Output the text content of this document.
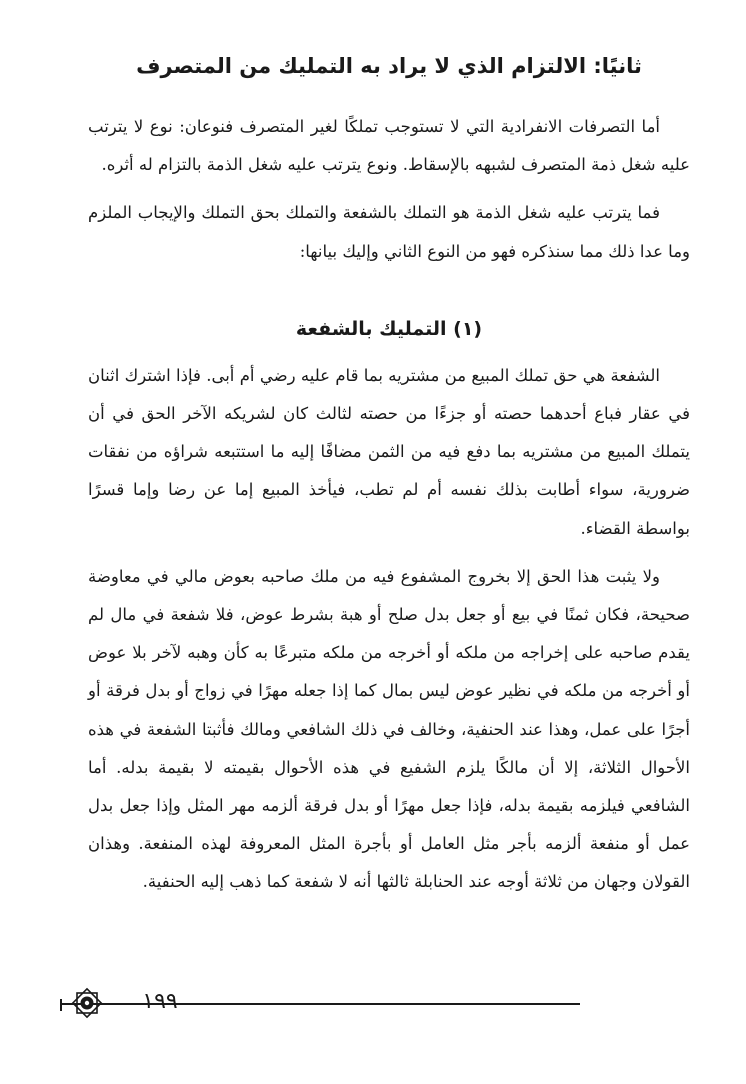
ثانيًا: الالتزام الذي لا يراد به التمليك من المتصرف

أما التصرفات الانفرادية التي لا تستوجب تملكًا لغير المتصرف فنوعان: نوع لا يترتب عليه شغل ذمة المتصرف لشبهه بالإسقاط. ونوع يترتب عليه شغل الذمة بالتزام له أثره.

فما يترتب عليه شغل الذمة هو التملك بالشفعة والتملك بحق التملك والإيجاب الملزم وما عدا ذلك مما سنذكره فهو من النوع الثاني وإليك بيانها:

(١) التمليك بالشفعة

الشفعة هي حق تملك المبيع من مشتريه بما قام عليه رضي أم أبى. فإذا اشترك اثنان في عقار فباع أحدهما حصته أو جزءًا من حصته لثالث كان لشريكه الآخر الحق في أن يتملك المبيع من مشتريه بما دفع فيه من الثمن مضافًا إليه ما استتبعه شراؤه من نفقات ضرورية، سواء أطابت بذلك نفسه أم لم تطب، فيأخذ المبيع إما عن رضا وإما قسرًا بواسطة القضاء.

ولا يثبت هذا الحق إلا بخروج المشفوع فيه من ملك صاحبه بعوض مالي في معاوضة صحيحة، فكان ثمنًا في بيع أو جعل بدل صلح أو هبة بشرط عوض، فلا شفعة في مال لم يقدم صاحبه على إخراجه من ملكه أو أخرجه من ملكه متبرعًا به كأن وهبه لآخر بلا عوض أو أخرجه من ملكه في نظير عوض ليس بمال كما إذا جعله مهرًا في زواج أو بدل فرقة أو أجرًا على عمل، وهذا عند الحنفية، وخالف في ذلك الشافعي ومالك فأثبتا الشفعة في هذه الأحوال الثلاثة، إلا أن مالكًا يلزم الشفيع في هذه الأحوال بقيمته لا بقيمة بدله. أما الشافعي فيلزمه بقيمة بدله، فإذا جعل مهرًا أو بدل فرقة ألزمه مهر المثل وإذا جعل بدل عمل أو منفعة ألزمه بأجر مثل العامل أو بأجرة المثل المعروفة لهذه المنفعة. وهذان القولان وجهان من ثلاثة أوجه عند الحنابلة ثالثها أنه لا شفعة كما ذهب إليه الحنفية.

١٩٩
